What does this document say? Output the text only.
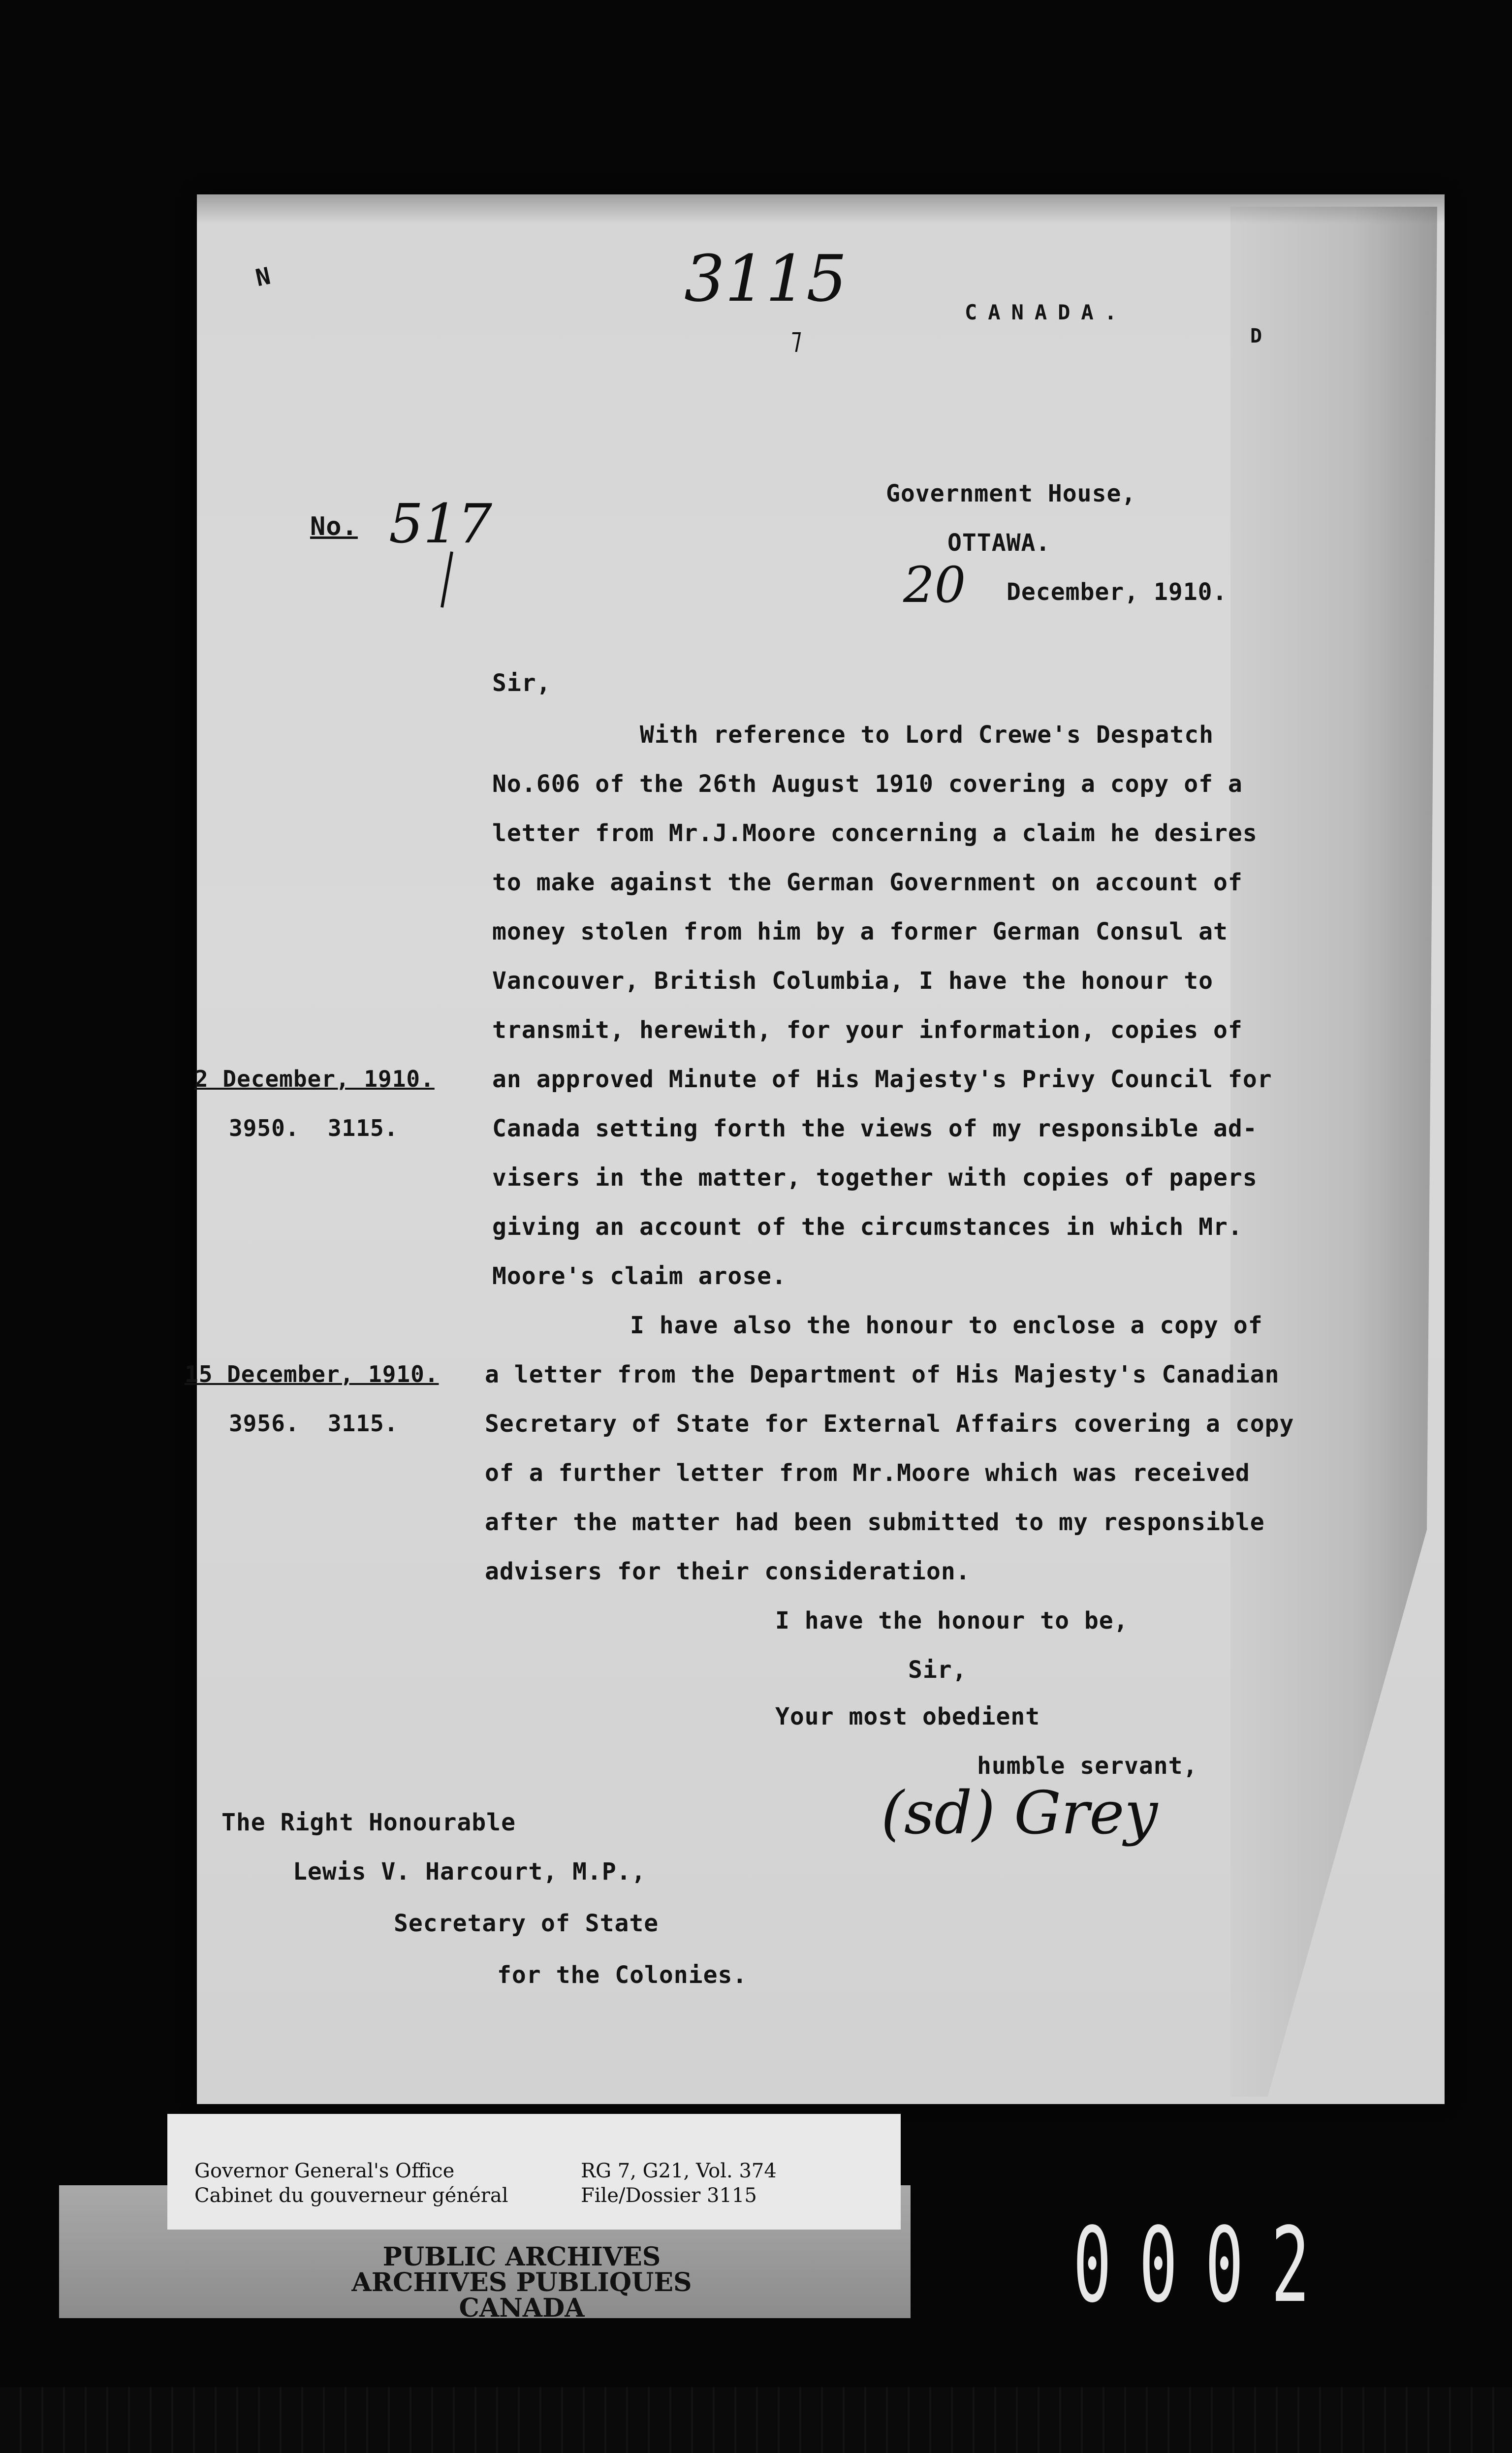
3115
˥
N
CANADA.
D
No. 517	Government House,
OTTAWA.
20 December, 1910.
Sir,
With reference to Lord Crewe's Despatch
No.606 of the 26th August 1910 covering a copy of a
letter from Mr.J.Moore concerning a claim he desires
to make against the German Government on account of
money stolen from him by a former German Consul at
Vancouver, British Columbia, I have the honour to
transmit, herewith, for your information, copies of
an approved Minute of His Majesty's Privy Council for
Canada setting forth the views of my responsible ad-
visers in the matter, together with copies of papers
giving an account of the circumstances in which Mr.
Moore's claim arose.
2 December, 1910.
3950.  3115.
15 December, 1910.
3956.  3115.
I have also the honour to enclose a copy of
a letter from the Department of His Majesty's Canadian
Secretary of State for External Affairs covering a copy
of a further letter from Mr.Moore which was received
after the matter had been submitted to my responsible
advisers for their consideration.
I have the honour to be,
Sir,
Your most obedient
humble servant,
(sd) Grey
The Right Honourable
Lewis V. Harcourt, M.P.,
Secretary of State
for the Colonies.
Governor General's Office
Cabinet du gouverneur général
RG 7, G21, Vol. 374
File/Dossier 3115
PUBLIC ARCHIVES
ARCHIVES PUBLIQUES
CANADA	0002
